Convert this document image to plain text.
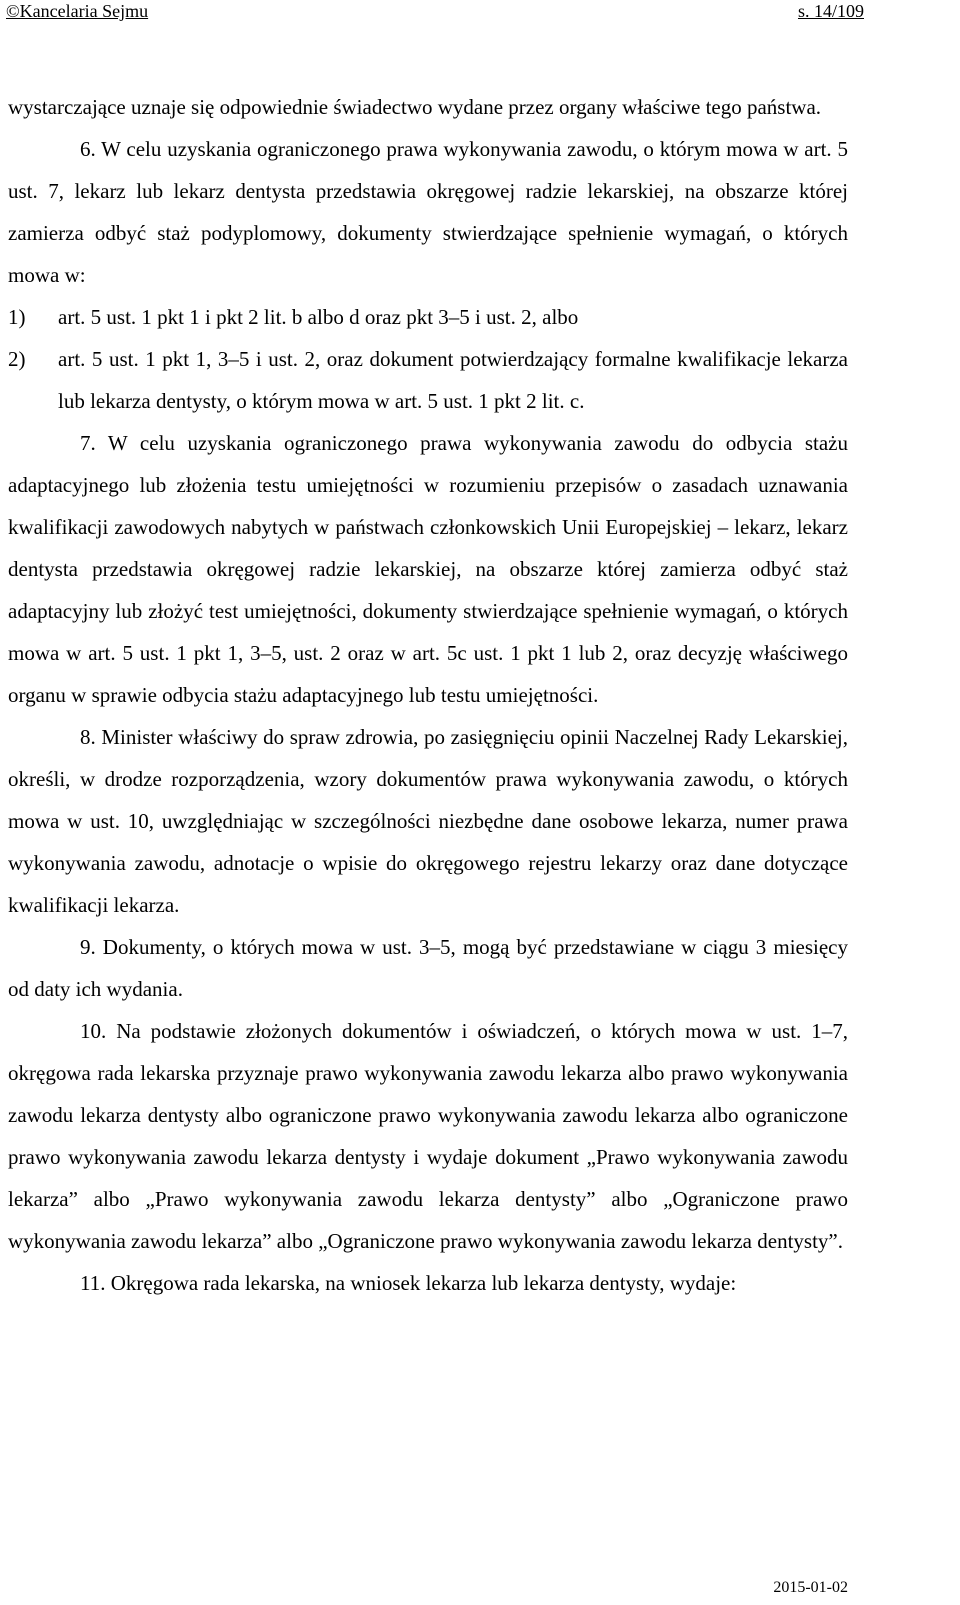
©Kancelaria Sejmu	s. 14/109

wystarczające uznaje się odpowiednie świadectwo wydane przez organy właściwe tego państwa.

6. W celu uzyskania ograniczonego prawa wykonywania zawodu, o którym mowa w art. 5 ust. 7, lekarz lub lekarz dentysta przedstawia okręgowej radzie lekarskiej, na obszarze której zamierza odbyć staż podyplomowy, dokumenty stwierdzające spełnienie wymagań, o których mowa w:

1) art. 5 ust. 1 pkt 1 i pkt 2 lit. b albo d oraz pkt 3–5 i ust. 2, albo
2) art. 5 ust. 1 pkt 1, 3–5 i ust. 2, oraz dokument potwierdzający formalne kwalifikacje lekarza lub lekarza dentysty, o którym mowa w art. 5 ust. 1 pkt 2 lit. c.

7. W celu uzyskania ograniczonego prawa wykonywania zawodu do odbycia stażu adaptacyjnego lub złożenia testu umiejętności w rozumieniu przepisów o zasadach uznawania kwalifikacji zawodowych nabytych w państwach członkowskich Unii Europejskiej – lekarz, lekarz dentysta przedstawia okręgowej radzie lekarskiej, na obszarze której zamierza odbyć staż adaptacyjny lub złożyć test umiejętności, dokumenty stwierdzające spełnienie wymagań, o których mowa w art. 5 ust. 1 pkt 1, 3–5, ust. 2 oraz w art. 5c ust. 1 pkt 1 lub 2, oraz decyzję właściwego organu w sprawie odbycia stażu adaptacyjnego lub testu umiejętności.

8. Minister właściwy do spraw zdrowia, po zasięgnięciu opinii Naczelnej Rady Lekarskiej, określi, w drodze rozporządzenia, wzory dokumentów prawa wykonywania zawodu, o których mowa w ust. 10, uwzględniając w szczególności niezbędne dane osobowe lekarza, numer prawa wykonywania zawodu, adnotacje o wpisie do okręgowego rejestru lekarzy oraz dane dotyczące kwalifikacji lekarza.

9. Dokumenty, o których mowa w ust. 3–5, mogą być przedstawiane w ciągu 3 miesięcy od daty ich wydania.

10. Na podstawie złożonych dokumentów i oświadczeń, o których mowa w ust. 1–7, okręgowa rada lekarska przyznaje prawo wykonywania zawodu lekarza albo prawo wykonywania zawodu lekarza dentysty albo ograniczone prawo wykonywania zawodu lekarza albo ograniczone prawo wykonywania zawodu lekarza dentysty i wydaje dokument „Prawo wykonywania zawodu lekarza” albo „Prawo wykonywania zawodu lekarza dentysty” albo „Ograniczone prawo wykonywania zawodu lekarza” albo „Ograniczone prawo wykonywania zawodu lekarza dentysty”.

11. Okręgowa rada lekarska, na wniosek lekarza lub lekarza dentysty, wydaje:

2015-01-02
